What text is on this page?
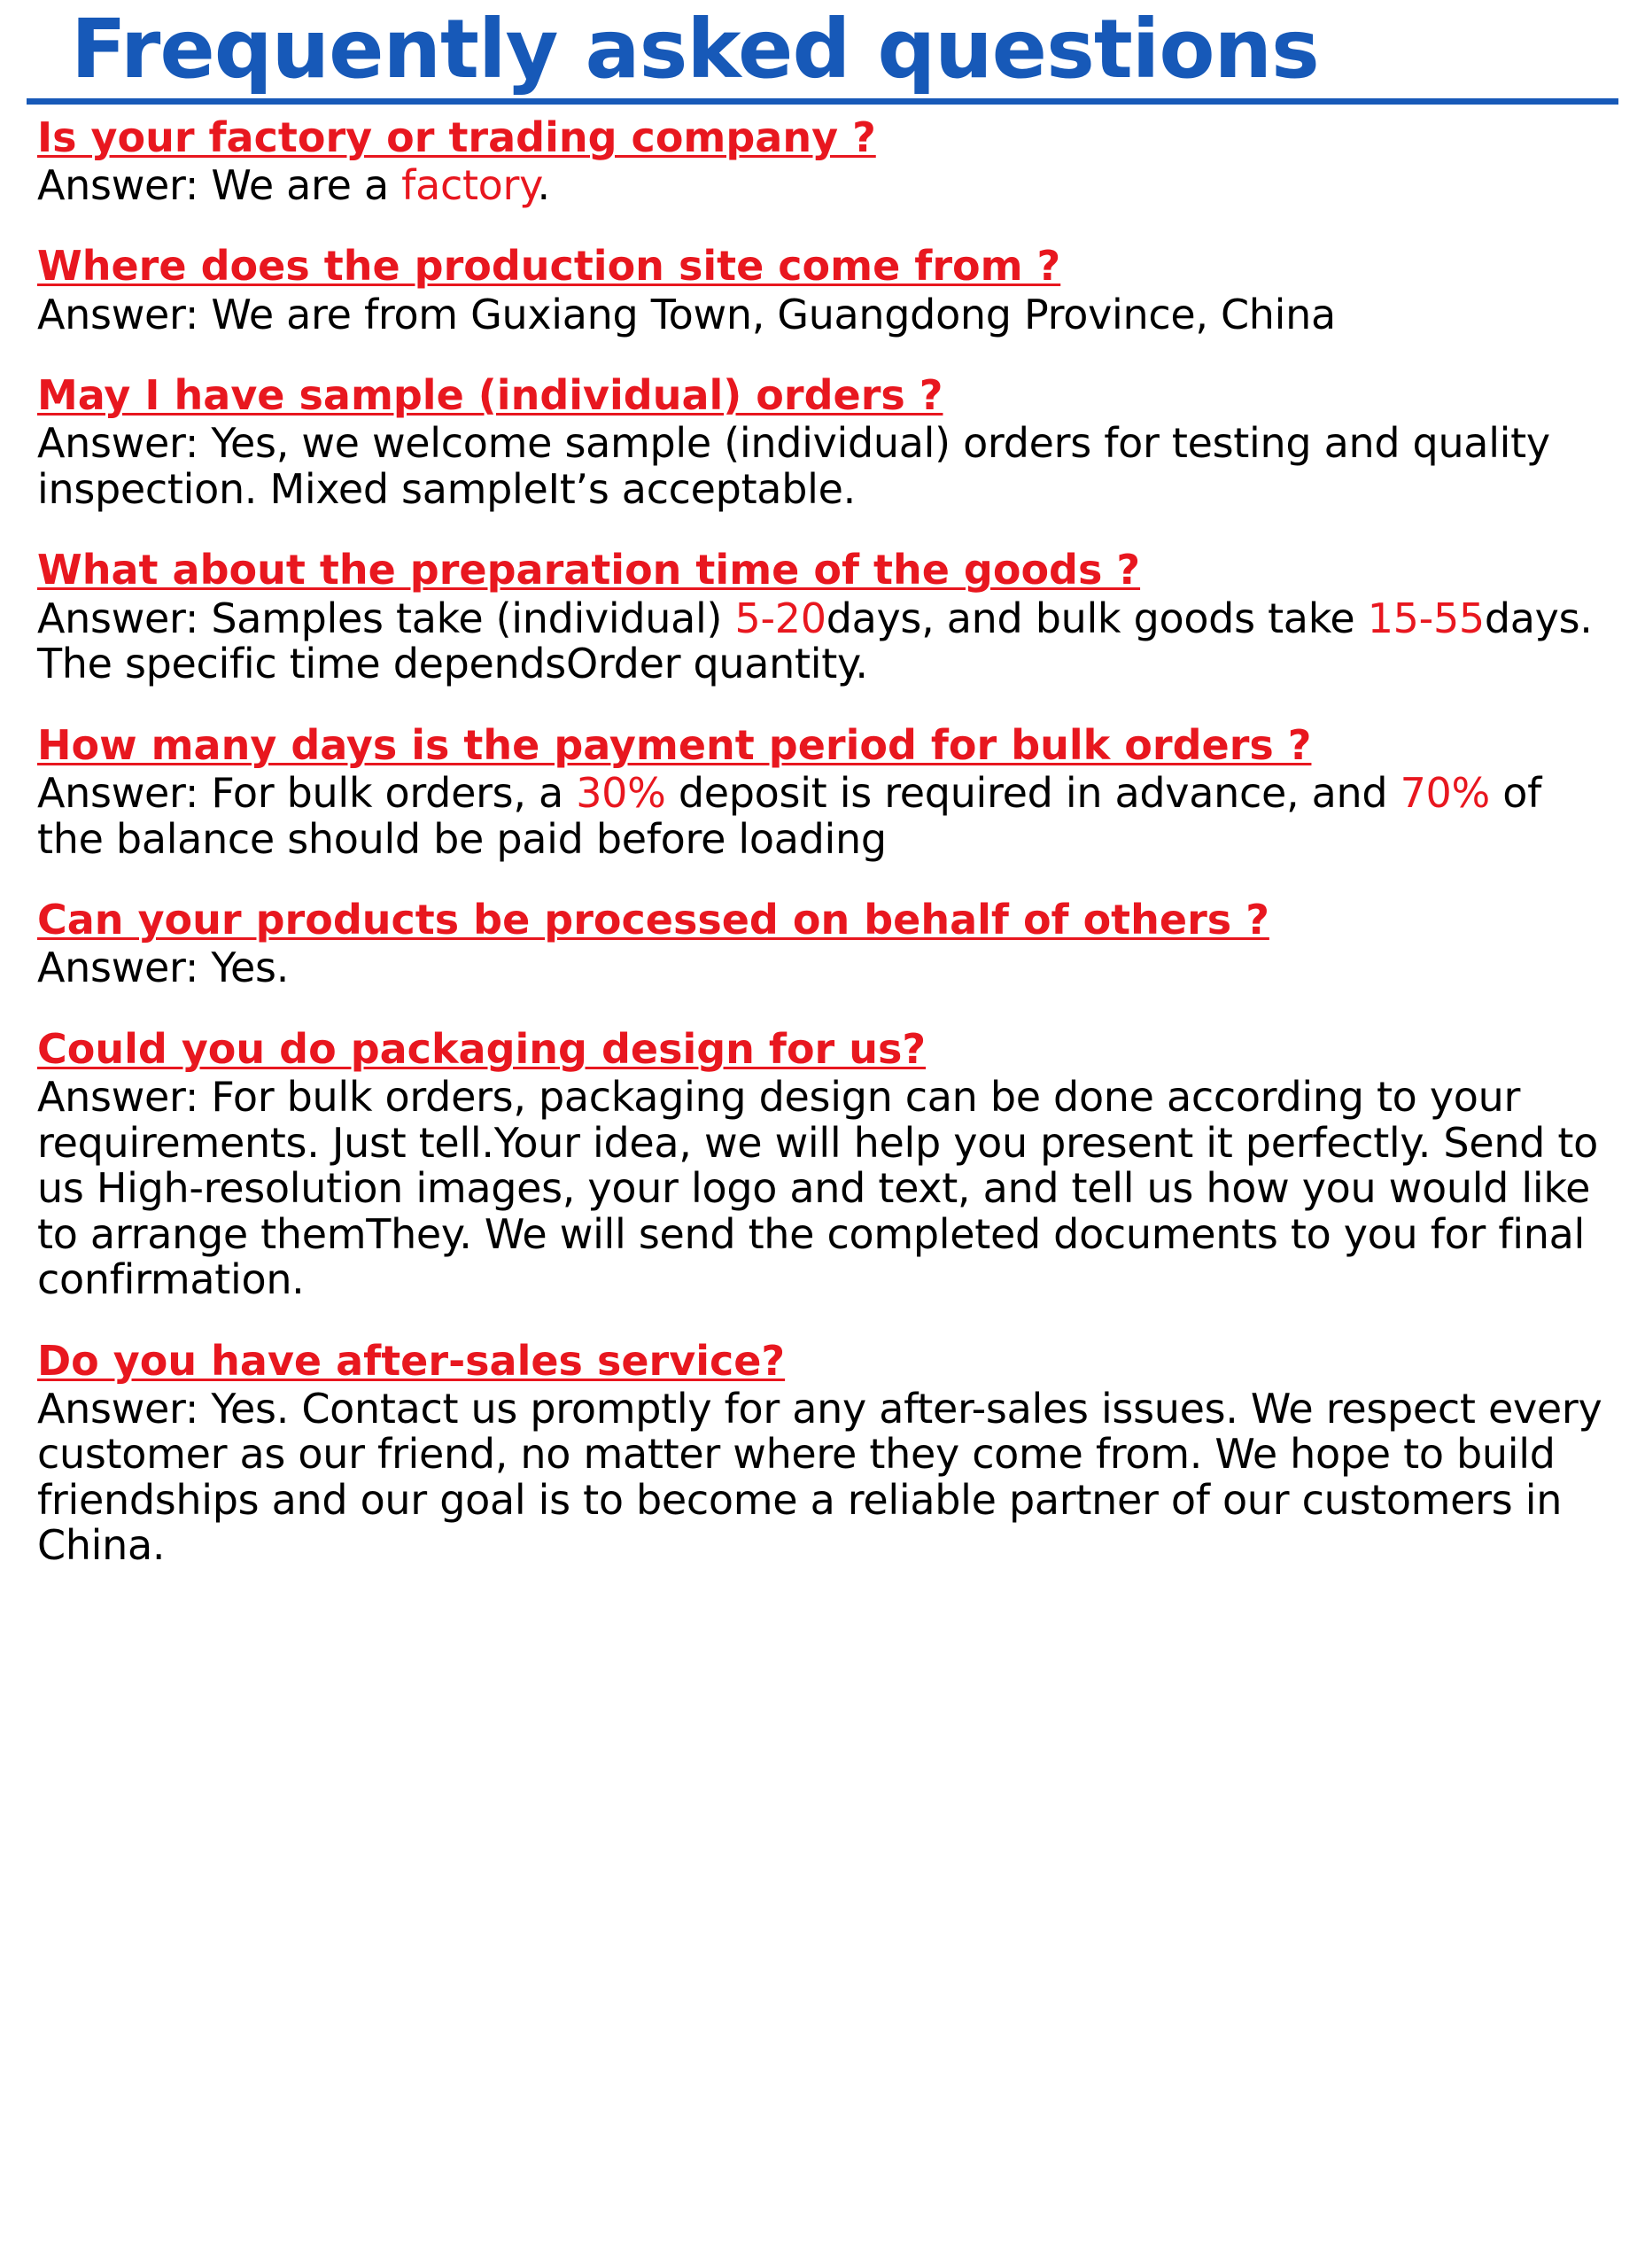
Frequently asked questions
Is your factory or trading company ?
Answer: We are a factory.
Where does the production site come from ?
Answer: We are from Guxiang Town, Guangdong Province, China
May I have sample (individual) orders ?
Answer: Yes, we welcome sample (individual) orders for testing and quality inspection. Mixed sampleIt’s acceptable.
What about the preparation time of the goods ?
Answer: Samples take (individual) 5-20days, and bulk goods take 15-55days. The specific time dependsOrder quantity.
How many days is the payment period for bulk orders ?
Answer: For bulk orders, a 30% deposit is required in advance, and 70% of the balance should be paid before loading
Can your products be processed on behalf of others ?
Answer: Yes.
Could you do packaging design for us?
Answer: For bulk orders, packaging design can be done according to your requirements. Just tell.Your idea, we will help you present it perfectly. Send to us High-resolution images, your logo and text, and tell us how you would like to arrange themThey. We will send the completed documents to you for final confirmation.
Do you have after-sales service?
Answer: Yes. Contact us promptly for any after-sales issues. We respect every customer as our friend, no matter where they come from. We hope to build friendships and our goal is to become a reliable partner of our customers in China.
